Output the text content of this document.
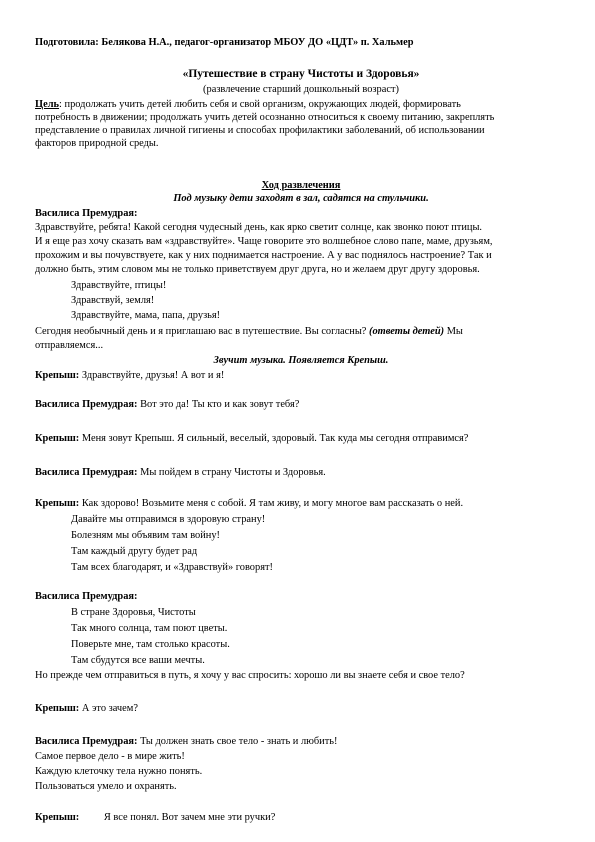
Подготовила: Белякова Н.А., педагог-организатор МБОУ ДО «ЦДТ» п. Хальмер
«Путешествие в страну Чистоты и Здоровья»
(развлечение старший дошкольный возраст)
Цель: продолжать учить детей любить себя и свой организм, окружающих людей, формировать
потребность в движении; продолжать учить детей осознанно относиться к своему питанию, закреплять
представление о правилах личной гигиены и способах профилактики заболеваний, об использовании
факторов природной среды.
Ход развлечения
Под музыку дети заходят в зал, садятся на стульчики.
Василиса Премудрая:
Здравствуйте, ребята! Какой сегодня чудесный день, как ярко светит солнце, как звонко поют птицы.
И я еще раз хочу сказать вам «здравствуйте». Чаще говорите это волшебное слово папе, маме, друзьям,
прохожим и вы почувствуете, как у них поднимается настроение. А у вас поднялось настроение? Так и
должно быть, этим словом мы не только приветствуем друг друга, но и желаем друг другу здоровья.
Здравствуйте, птицы!
Здравствуй, земля!
Здравствуйте, мама, папа, друзья!
Сегодня необычный день и я приглашаю вас в путешествие. Вы согласны? (ответы детей) Мы
отправляемся...
Звучит музыка. Появляется Крепыш.
Крепыш: Здравствуйте, друзья! А вот и я!
Василиса Премудрая: Вот это да! Ты кто и как зовут тебя?
Крепыш: Меня зовут Крепыш. Я сильный, веселый, здоровый. Так куда мы сегодня отправимся?
Василиса Премудрая: Мы пойдем в страну Чистоты и Здоровья.
Крепыш: Как здорово! Возьмите меня с собой. Я там живу, и могу многое вам рассказать о ней.
Давайте мы отправимся в здоровую страну!
Болезням мы объявим там войну!
Там каждый другу будет рад
Там всех благодарят, и «Здравствуй» говорят!
Василиса Премудрая:
В стране Здоровья, Чистоты
Так много солнца, там поют цветы.
Поверьте мне, там столько красоты.
Там сбудутся все ваши мечты.
Но прежде чем отправиться в путь, я хочу у вас спросить: хорошо ли вы знаете себя и свое тело?
Крепыш: А это зачем?
Василиса Премудрая: Ты должен знать свое тело - знать и любить!
Самое первое дело - в мире жить!
Каждую клеточку тела нужно понять.
Пользоваться умело и охранять.
Крепыш: Я все понял. Вот зачем мне эти ручки?
